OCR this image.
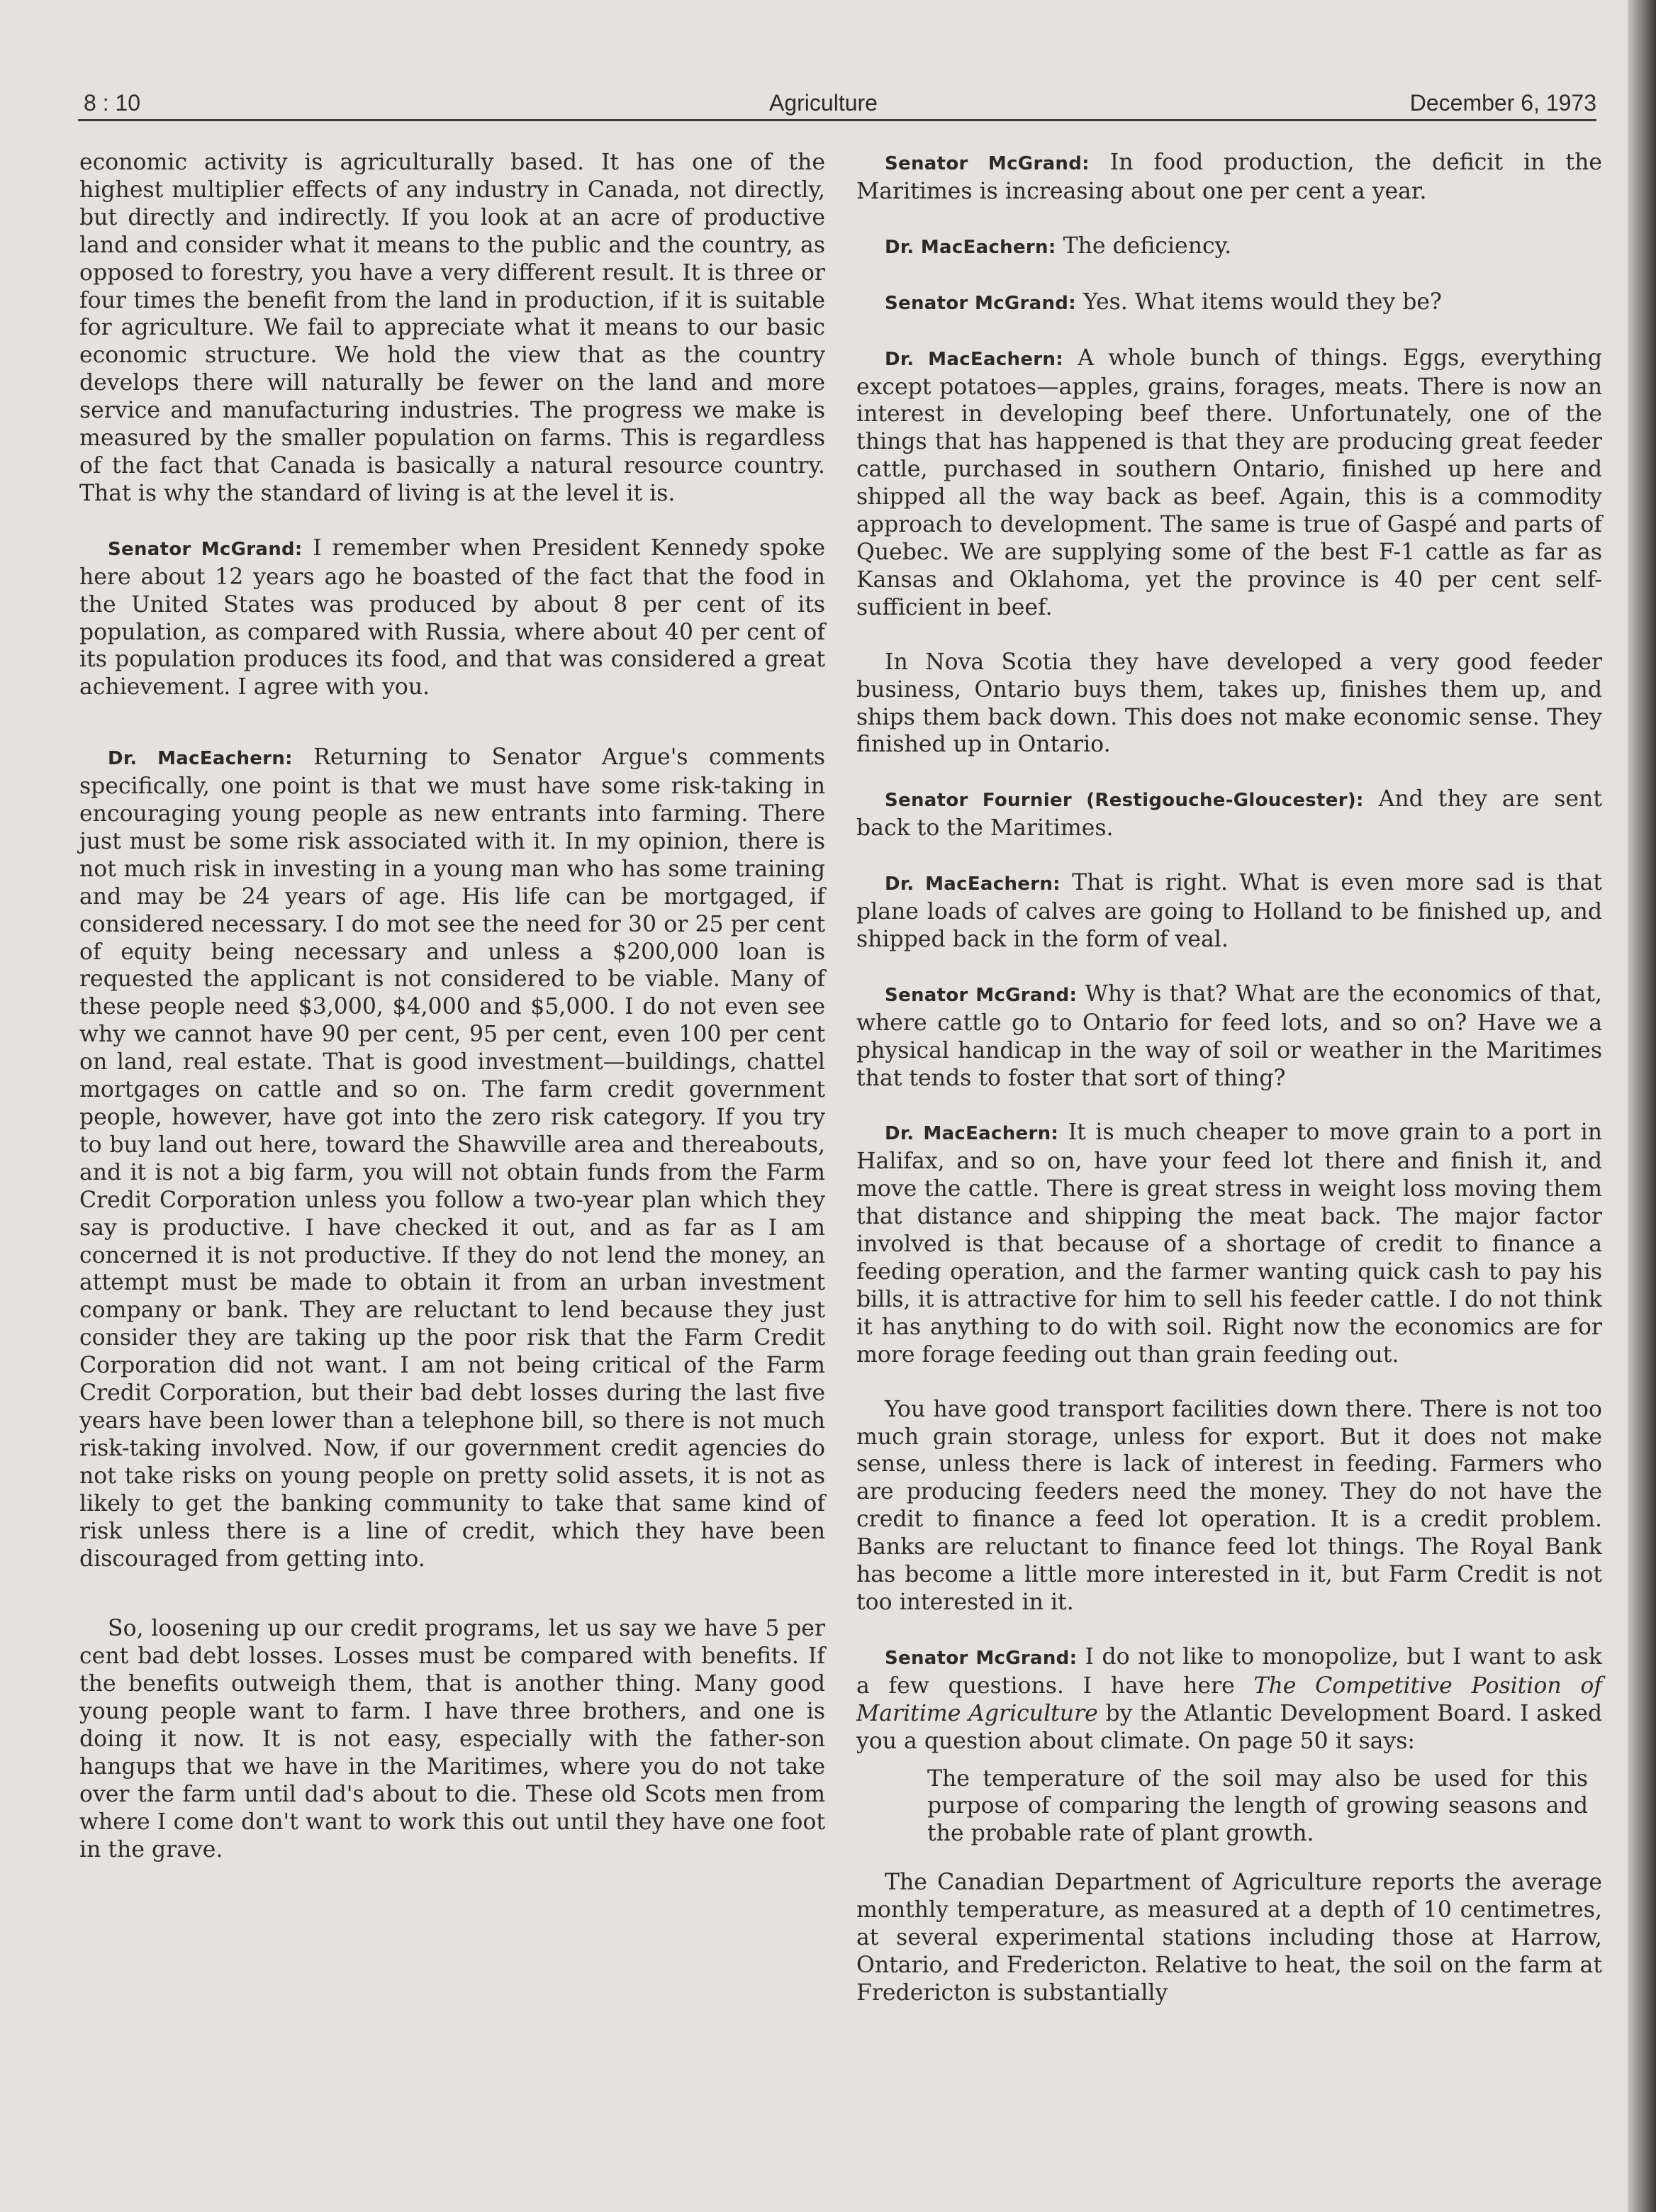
8 : 10	Agriculture	December 6, 1973

economic activity is agriculturally based. It has one of the highest multiplier effects of any industry in Canada, not directly, but directly and indirectly. If you look at an acre of productive land and consider what it means to the public and the country, as opposed to forestry, you have a very different result. It is three or four times the benefit from the land in production, if it is suitable for agriculture. We fail to appreciate what it means to our basic economic structure. We hold the view that as the country develops there will naturally be fewer on the land and more service and manufacturing industries. The progress we make is measured by the smaller population on farms. This is regardless of the fact that Canada is basically a natural resource country. That is why the standard of living is at the level it is.

Senator McGrand: I remember when President Kennedy spoke here about 12 years ago he boasted of the fact that the food in the United States was produced by about 8 per cent of its population, as compared with Russia, where about 40 per cent of its population produces its food, and that was considered a great achievement. I agree with you.

Dr. MacEachern: Returning to Senator Argue's comments specifically, one point is that we must have some risk-taking in encouraging young people as new entrants into farming. There just must be some risk associated with it. In my opinion, there is not much risk in investing in a young man who has some training and may be 24 years of age. His life can be mortgaged, if considered necessary. I do mot see the need for 30 or 25 per cent of equity being necessary and unless a $200,000 loan is requested the applicant is not considered to be viable. Many of these people need $3,000, $4,000 and $5,000. I do not even see why we cannot have 90 per cent, 95 per cent, even 100 per cent on land, real estate. That is good investment—buildings, chattel mortgages on cattle and so on. The farm credit government people, however, have got into the zero risk category. If you try to buy land out here, toward the Shawville area and thereabouts, and it is not a big farm, you will not obtain funds from the Farm Credit Corporation unless you follow a two-year plan which they say is productive. I have checked it out, and as far as I am concerned it is not productive. If they do not lend the money, an attempt must be made to obtain it from an urban investment company or bank. They are reluctant to lend because they just consider they are taking up the poor risk that the Farm Credit Corporation did not want. I am not being critical of the Farm Credit Corporation, but their bad debt losses during the last five years have been lower than a telephone bill, so there is not much risk-taking involved. Now, if our government credit agencies do not take risks on young people on pretty solid assets, it is not as likely to get the banking community to take that same kind of risk unless there is a line of credit, which they have been discouraged from getting into.

So, loosening up our credit programs, let us say we have 5 per cent bad debt losses. Losses must be compared with benefits. If the benefits outweigh them, that is another thing. Many good young people want to farm. I have three brothers, and one is doing it now. It is not easy, especially with the father-son hangups that we have in the Maritimes, where you do not take over the farm until dad's about to die. These old Scots men from where I come don't want to work this out until they have one foot in the grave.

Senator McGrand: In food production, the deficit in the Maritimes is increasing about one per cent a year.

Dr. MacEachern: The deficiency.

Senator McGrand: Yes. What items would they be?

Dr. MacEachern: A whole bunch of things. Eggs, everything except potatoes—apples, grains, forages, meats. There is now an interest in developing beef there. Unfortunately, one of the things that has happened is that they are producing great feeder cattle, purchased in southern Ontario, finished up here and shipped all the way back as beef. Again, this is a commodity approach to development. The same is true of Gaspé and parts of Quebec. We are supplying some of the best F-1 cattle as far as Kansas and Oklahoma, yet the province is 40 per cent self-sufficient in beef.

In Nova Scotia they have developed a very good feeder business, Ontario buys them, takes up, finishes them up, and ships them back down. This does not make economic sense. They finished up in Ontario.

Senator Fournier (Restigouche-Gloucester): And they are sent back to the Maritimes.

Dr. MacEachern: That is right. What is even more sad is that plane loads of calves are going to Holland to be finished up, and shipped back in the form of veal.

Senator McGrand: Why is that? What are the economics of that, where cattle go to Ontario for feed lots, and so on? Have we a physical handicap in the way of soil or weather in the Maritimes that tends to foster that sort of thing?

Dr. MacEachern: It is much cheaper to move grain to a port in Halifax, and so on, have your feed lot there and finish it, and move the cattle. There is great stress in weight loss moving them that distance and shipping the meat back. The major factor involved is that because of a shortage of credit to finance a feeding operation, and the farmer wanting quick cash to pay his bills, it is attractive for him to sell his feeder cattle. I do not think it has anything to do with soil. Right now the economics are for more forage feeding out than grain feeding out.

You have good transport facilities down there. There is not too much grain storage, unless for export. But it does not make sense, unless there is lack of interest in feeding. Farmers who are producing feeders need the money. They do not have the credit to finance a feed lot operation. It is a credit problem. Banks are reluctant to finance feed lot things. The Royal Bank has become a little more interested in it, but Farm Credit is not too interested in it.

Senator McGrand: I do not like to monopolize, but I want to ask a few questions. I have here The Competitive Position of Maritime Agriculture by the Atlantic Development Board. I asked you a question about climate. On page 50 it says:

The temperature of the soil may also be used for this purpose of comparing the length of growing seasons and the probable rate of plant growth.

The Canadian Department of Agriculture reports the average monthly temperature, as measured at a depth of 10 centimetres, at several experimental stations including those at Harrow, Ontario, and Fredericton. Relative to heat, the soil on the farm at Fredericton is substantially
